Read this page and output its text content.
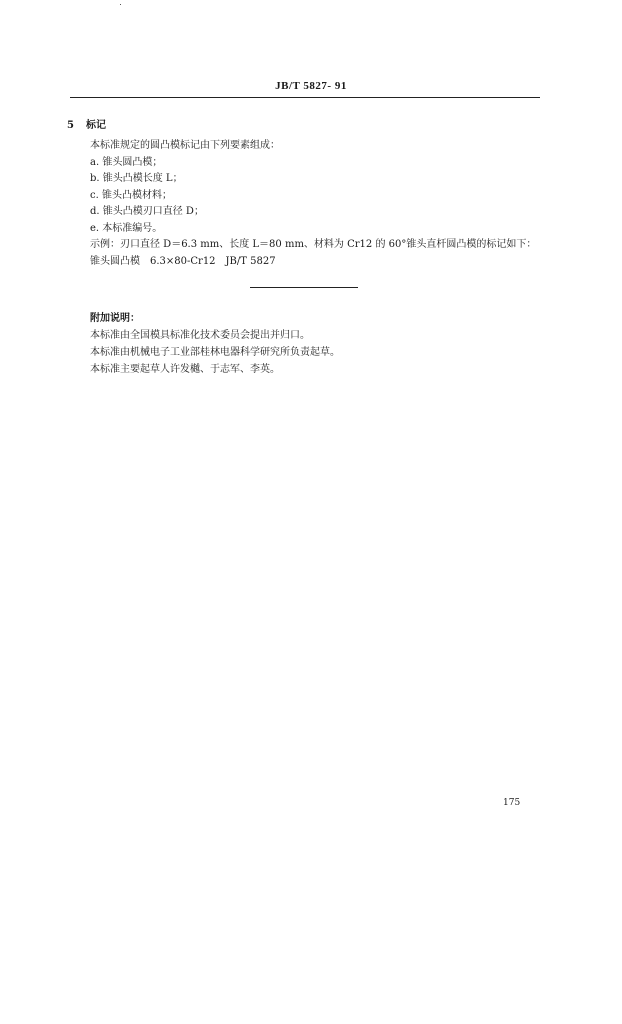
JB/T 5827- 91
5 标记
本标准规定的圆凸模标记由下列要素组成：
a. 锥头圆凸模；
b. 锥头凸模长度 L；
c. 锥头凸模材料；
d. 锥头凸模刃口直径 D；
e. 本标准编号。
示例：刃口直径 D＝6.3 mm、长度 L＝80 mm、材料为 Cr12 的 60°锥头直杆圆凸模的标记如下：
锥头圆凸模　6.3×80-Cr12　JB/T 5827
附加说明：
本标准由全国模具标准化技术委员会提出并归口。
本标准由机械电子工业部桂林电器科学研究所负责起草。
本标准主要起草人许发樾、于志军、李英。
175
